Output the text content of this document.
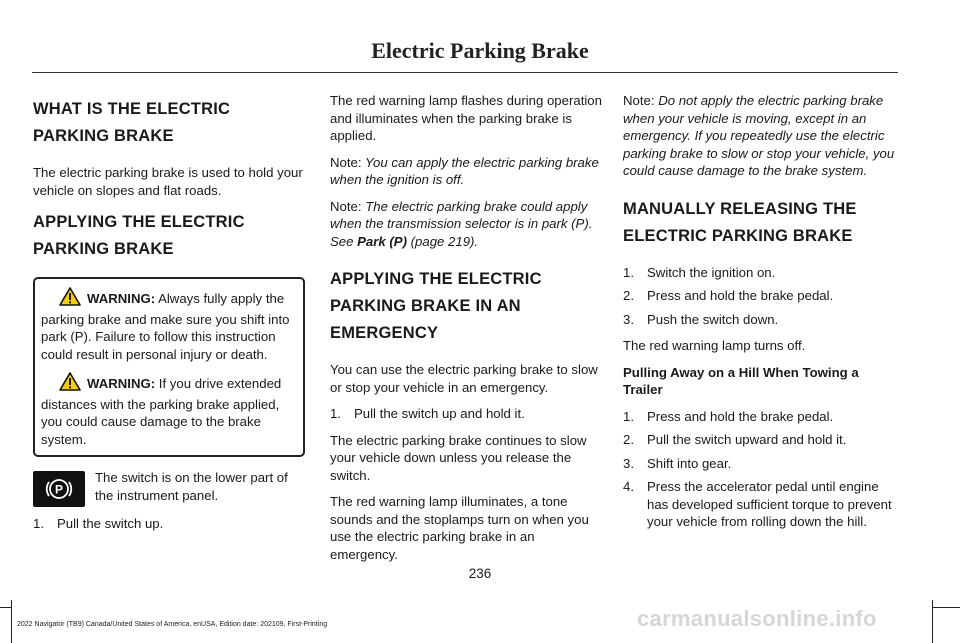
Electric Parking Brake
WHAT IS THE ELECTRIC PARKING BRAKE

The electric parking brake is used to hold your vehicle on slopes and flat roads.

APPLYING THE ELECTRIC PARKING BRAKE

WARNING: Always fully apply the parking brake and make sure you shift into park (P). Failure to follow this instruction could result in personal injury or death.

WARNING: If you drive extended distances with the parking brake applied, you could cause damage to the brake system.

P
The switch is on the lower part of the instrument panel.
1. Pull the switch up.

The red warning lamp flashes during operation and illuminates when the parking brake is applied.

Note: You can apply the electric parking brake when the ignition is off.

Note: The electric parking brake could apply when the transmission selector is in park (P). See Park (P) (page 219).

APPLYING THE ELECTRIC PARKING BRAKE IN AN EMERGENCY

You can use the electric parking brake to slow or stop your vehicle in an emergency.

1. Pull the switch up and hold it.

The electric parking brake continues to slow your vehicle down unless you release the switch.

The red warning lamp illuminates, a tone sounds and the stoplamps turn on when you use the electric parking brake in an emergency.

Note: Do not apply the electric parking brake when your vehicle is moving, except in an emergency. If you repeatedly use the electric parking brake to slow or stop your vehicle, you could cause damage to the brake system.

MANUALLY RELEASING THE ELECTRIC PARKING BRAKE
1. Switch the ignition on.
2. Press and hold the brake pedal.
3. Push the switch down.

The red warning lamp turns off.

Pulling Away on a Hill When Towing a Trailer
1. Press and hold the brake pedal.
2. Pull the switch upward and hold it.
3. Shift into gear.
4. Press the accelerator pedal until engine has developed sufficient torque to prevent your vehicle from rolling down the hill.
236
2022 Navigator (TB9) Canada/United States of America, enUSA, Edition date: 202109, First-Printing	carmanualsonline.info
